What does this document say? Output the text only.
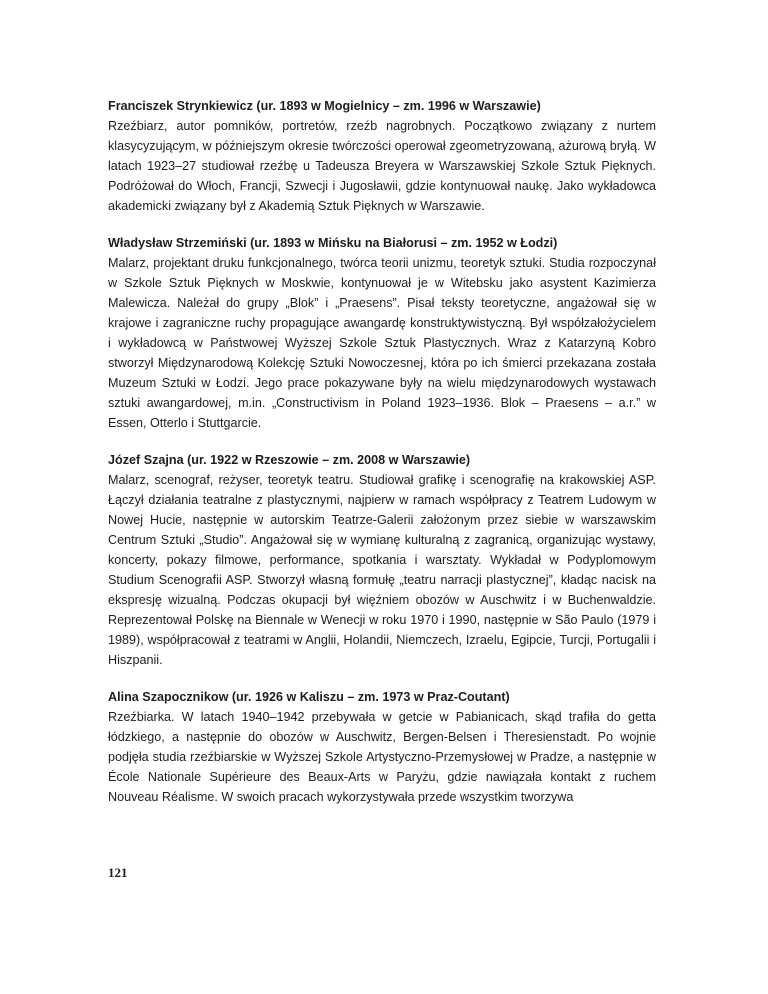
Franciszek Strynkiewicz (ur. 1893 w Mogielnicy – zm. 1996 w Warszawie)

Rzeźbiarz, autor pomników, portretów, rzeźb nagrobnych. Początkowo związany z nurtem klasycyzującym, w późniejszym okresie twórczości operował zgeometryzowaną, ażurową bryłą. W latach 1923–27 studiował rzeźbę u Tadeusza Breyera w Warszawskiej Szkole Sztuk Pięknych. Podróżował do Włoch, Francji, Szwecji i Jugosławii, gdzie kontynuował naukę. Jako wykładowca akademicki związany był z Akademią Sztuk Pięknych w Warszawie.

Władysław Strzemiński (ur. 1893 w Mińsku na Białorusi – zm. 1952 w Łodzi)

Malarz, projektant druku funkcjonalnego, twórca teorii unizmu, teoretyk sztuki. Studia rozpoczynał w Szkole Sztuk Pięknych w Moskwie, kontynuował je w Witebsku jako asystent Kazimierza Malewicza. Należał do grupy „Blok” i „Praesens”. Pisał teksty teoretyczne, angażował się w krajowe i zagraniczne ruchy propagujące awangardę konstruktywistyczną. Był współzałożycielem i wykładowcą w Państwowej Wyższej Szkole Sztuk Plastycznych. Wraz z Katarzyną Kobro stworzył Międzynarodową Kolekcję Sztuki Nowoczesnej, która po ich śmierci przekazana została Muzeum Sztuki w Łodzi. Jego prace pokazywane były na wielu międzynarodowych wystawach sztuki awangardowej, m.in. „Constructivism in Poland 1923–1936. Blok – Praesens – a.r.” w Essen, Otterlo i Stuttgarcie.

Józef Szajna (ur. 1922 w Rzeszowie – zm. 2008 w Warszawie)

Malarz, scenograf, reżyser, teoretyk teatru. Studiował grafikę i scenografię na krakowskiej ASP. Łączył działania teatralne z plastycznymi, najpierw w ramach współpracy z Teatrem Ludowym w Nowej Hucie, następnie w autorskim Teatrze-Galerii założonym przez siebie w warszawskim Centrum Sztuki „Studio”. Angażował się w wymianę kulturalną z zagranicą, organizując wystawy, koncerty, pokazy filmowe, performance, spotkania i warsztaty. Wykładał w Podyplomowym Studium Scenografii ASP. Stworzył własną formułę „teatru narracji plastycznej”, kładąc nacisk na ekspresję wizualną. Podczas okupacji był więźniem obozów w Auschwitz i w Buchenwaldzie. Reprezentował Polskę na Biennale w Wenecji w roku 1970 i 1990, następnie w São Paulo (1979 i 1989), współpracował z teatrami w Anglii, Holandii, Niemczech, Izraelu, Egipcie, Turcji, Portugalii i Hiszpanii.

Alina Szapocznikow (ur. 1926 w Kaliszu – zm. 1973 w Praz-Coutant)

Rzeźbiarka. W latach 1940–1942 przebywała w getcie w Pabianicach, skąd trafiła do getta łódzkiego, a następnie do obozów w Auschwitz, Bergen-Belsen i Theresienstadt. Po wojnie podjęła studia rzeźbiarskie w Wyższej Szkole Artystyczno-Przemysłowej w Pradze, a następnie w École Nationale Supérieure des Beaux-Arts w Paryżu, gdzie nawiązała kontakt z ruchem Nouveau Réalisme. W swoich pracach wykorzystywała przede wszystkim tworzywa

121
